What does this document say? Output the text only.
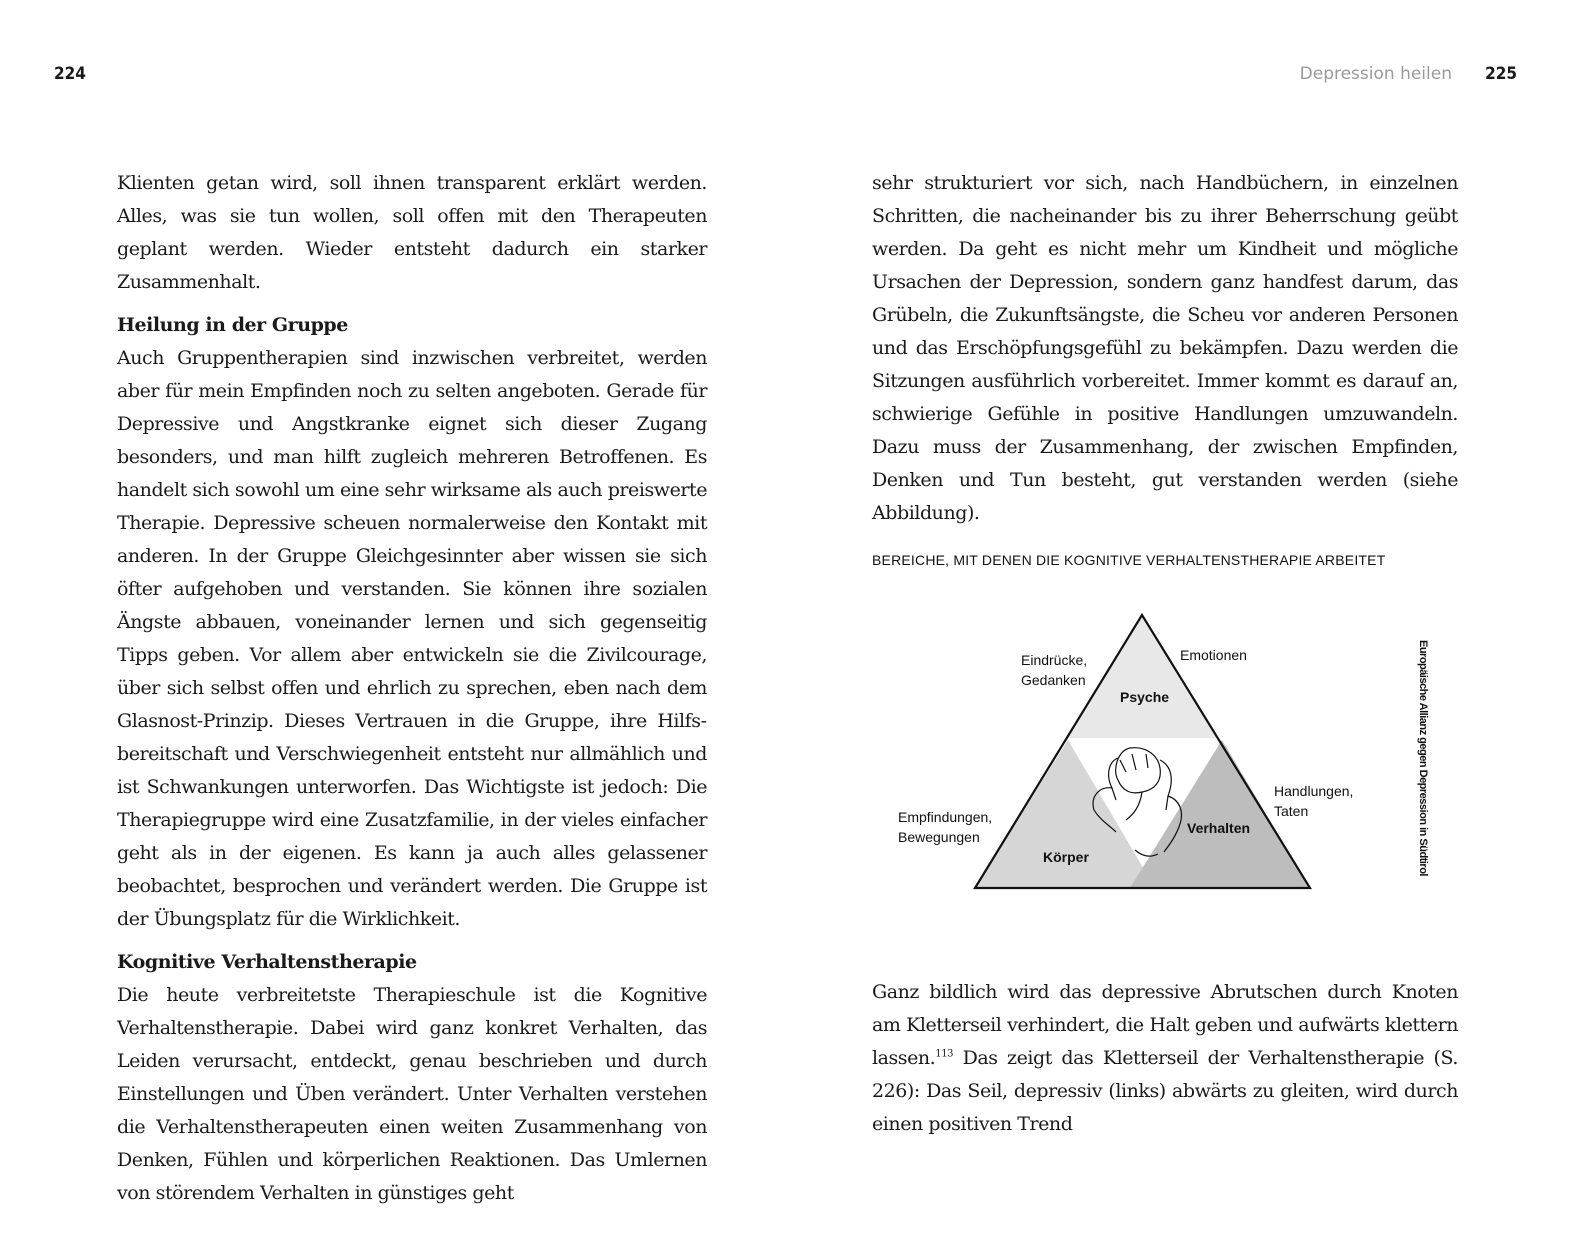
224	Depression heilen 225

Klienten getan wird, soll ihnen transparent erklärt werden. Alles, was sie tun wollen, soll offen mit den Therapeuten geplant werden. Wieder entsteht dadurch ein starker Zusammenhalt.

Heilung in der Gruppe

Auch Gruppentherapien sind inzwischen verbreitet, werden aber für mein Empfinden noch zu selten angeboten. Gerade für Depressive und Angstkranke eignet sich dieser Zugang besonders, und man hilft zugleich mehreren Betroffenen. Es handelt sich sowohl um eine sehr wirksame als auch preiswerte Therapie. Depressive scheuen normalerweise den Kontakt mit anderen. In der Gruppe Gleichgesinnter aber wissen sie sich öfter aufgehoben und verstanden. Sie können ihre sozialen Ängste abbauen, voneinander lernen und sich gegenseitig Tipps geben. Vor allem aber entwickeln sie die Zivilcourage, über sich selbst offen und ehrlich zu sprechen, eben nach dem Glasnost-Prinzip. Dieses Vertrauen in die Gruppe, ihre Hilfsbereitschaft und Verschwiegenheit entsteht nur allmählich und ist Schwankungen unterworfen. Das Wichtigste ist jedoch: Die Therapiegruppe wird eine Zusatzfamilie, in der vieles einfacher geht als in der eigenen. Es kann ja auch alles gelassener beobachtet, besprochen und verändert werden. Die Gruppe ist der Übungsplatz für die Wirklichkeit.

Kognitive Verhaltenstherapie

Die heute verbreitetste Therapieschule ist die Kognitive Verhaltenstherapie. Dabei wird ganz konkret Verhalten, das Leiden verursacht, entdeckt, genau beschrieben und durch Einstellungen und Üben verändert. Unter Verhalten verstehen die Verhaltenstherapeuten einen weiten Zusammenhang von Denken, Fühlen und körperlichen Reaktionen. Das Umlernen von störendem Verhalten in günstiges geht

sehr strukturiert vor sich, nach Handbüchern, in einzelnen Schritten, die nacheinander bis zu ihrer Beherrschung geübt werden. Da geht es nicht mehr um Kindheit und mögliche Ursachen der Depression, sondern ganz handfest darum, das Grübeln, die Zukunftsängste, die Scheu vor anderen Personen und das Erschöpfungsgefühl zu bekämpfen. Dazu werden die Sitzungen ausführlich vorbereitet. Immer kommt es darauf an, schwierige Gefühle in positive Handlungen umzuwandeln. Dazu muss der Zusammenhang, der zwischen Empfinden, Denken und Tun besteht, gut verstanden werden (siehe Abbildung).

BEREICHE, MIT DENEN DIE KOGNITIVE VERHALTENSTHERAPIE ARBEITET
Eindrücke,
Gedanken
Emotionen
Psyche
Empfindungen,
Bewegungen
Handlungen,
Taten
Verhalten
Körper	Europäische Allianz gegen Depression in Südtirol

Ganz bildlich wird das depressive Abrutschen durch Knoten am Kletterseil verhindert, die Halt geben und aufwärts klettern lassen.$^{113}$ Das zeigt das Kletterseil der Verhaltenstherapie (S. 226): Das Seil, depressiv (links) abwärts zu gleiten, wird durch einen positiven Trend
